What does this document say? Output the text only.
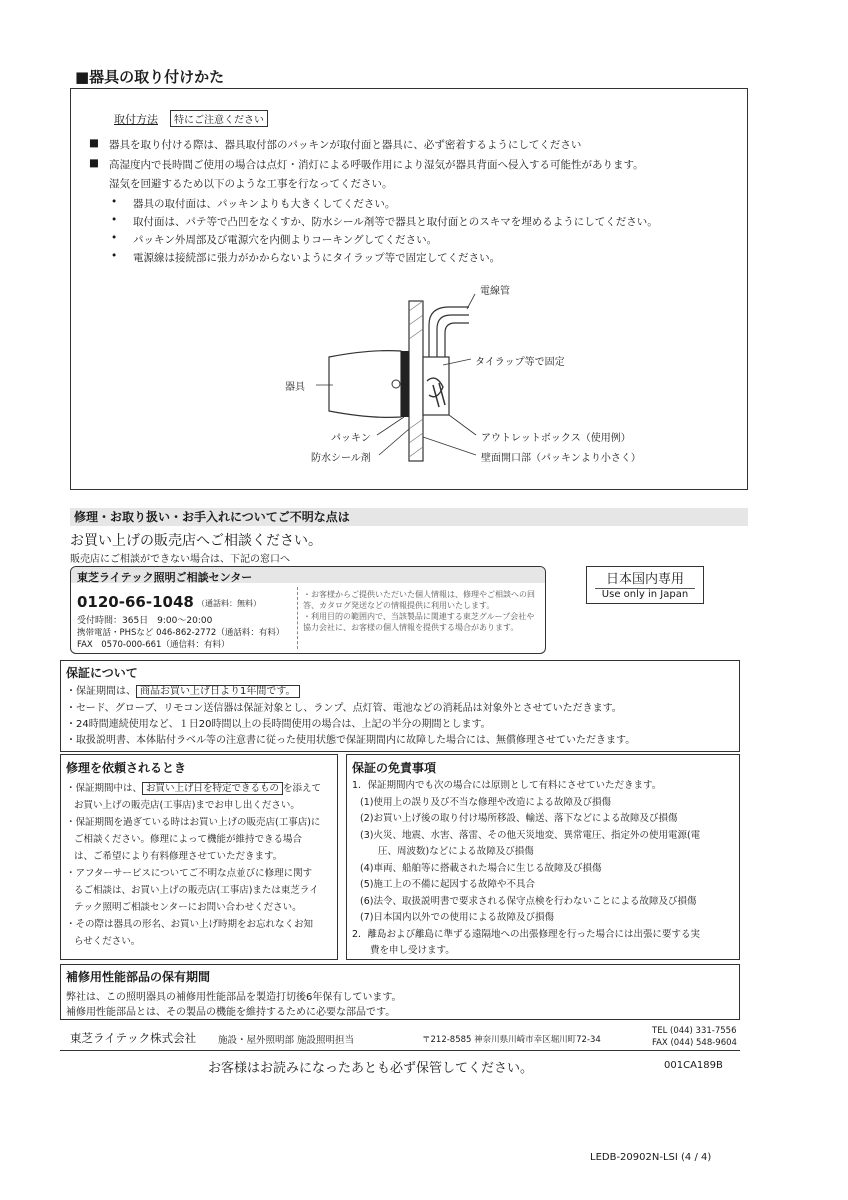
■器具の取り付けかた
取付方法	特にご注意ください
■ 器具を取り付ける際は、器具取付部のパッキンが取付面と器具に、必ず密着するようにしてください
■ 高湿度内で長時間ご使用の場合は点灯・消灯による呼吸作用により湿気が器具背面へ侵入する可能性があります。
湿気を回避するため以下のような工事を行なってください。
• 器具の取付面は、パッキンよりも大きくしてください。
• 取付面は、パテ等で凸凹をなくすか、防水シール剤等で器具と取付面とのスキマを埋めるようにしてください。
• パッキン外周部及び電源穴を内側よりコーキングしてください。
• 電源線は接続部に張力がかからないようにタイラップ等で固定してください。
電線管
タイラップ等で固定
器具
パッキン
防水シール剤
アウトレットボックス（使用例）
壁面開口部（パッキンより小さく）
修理・お取り扱い・お手入れについてご不明な点は
お買い上げの販売店へご相談ください。
販売店にご相談ができない場合は、下記の窓口へ
東芝ライテック照明ご相談センター
0120-66-1048 （通話料：無料）
受付時間：365日　9:00〜20:00
携帯電話・PHSなど 046-862-2772（通話料：有料）
FAX　0570-000-661（通信料：有料）
・お客様からご提供いただいた個人情報は、修理やご相談への回答、カタログ発送などの情報提供に利用いたします。
・利用目的の範囲内で、当該製品に関連する東芝グループ会社や協力会社に、お客様の個人情報を提供する場合があります。
日本国内専用
Use only in Japan
保証について
・保証期間は、 商品お買い上げ日より1年間です。
・セード、グローブ、リモコン送信器は保証対象とし、ランプ、点灯管、電池などの消耗品は対象外とさせていただきます。
・24時間連続使用など、１日20時間以上の長時間使用の場合は、上記の半分の期間とします。
・取扱説明書、本体貼付ラベル等の注意書に従った使用状態で保証期間内に故障した場合には、無償修理させていただきます。
修理を依頼されるとき
・保証期間中は、 お買い上げ日を特定できるもの を添えて
お買い上げの販売店(工事店)までお申し出ください。
・保証期間を過ぎている時はお買い上げの販売店(工事店)に
ご相談ください。修理によって機能が維持できる場合
は、ご希望により有料修理させていただきます。
・アフターサービスについてご不明な点並びに修理に関す
るご相談は、お買い上げの販売店(工事店)または東芝ライ
テック照明ご相談センターにお問い合わせください。
・その際は器具の形名、お買い上げ時期をお忘れなくお知
らせください。
保証の免責事項
1．保証期間内でも次の場合には原則として有料にさせていただきます。
(1)使用上の誤り及び不当な修理や改造による故障及び損傷
(2)お買い上げ後の取り付け場所移設、輸送、落下などによる故障及び損傷
(3)火災、地震、水害、落雷、その他天災地変、異常電圧、指定外の使用電源(電
圧、周波数)などによる故障及び損傷
(4)車両、船舶等に搭載された場合に生じる故障及び損傷
(5)施工上の不備に起因する故障や不具合
(6)法令、取扱説明書で要求される保守点検を行わないことによる故障及び損傷
(7)日本国内以外での使用による故障及び損傷
2．離島および離島に準ずる遠隔地への出張修理を行った場合には出張に要する実
費を申し受けます。
補修用性能部品の保有期間
弊社は、この照明器具の補修用性能部品を製造打切後6年保有しています。
補修用性能部品とは、その製品の機能を維持するために必要な部品です。
東芝ライテック株式会社 施設・屋外照明部 施設照明担当	〒212-8585 神奈川県川崎市幸区堀川町72-34
TEL (044) 331-7556
FAX (044) 548-9604
お客様はお読みになったあとも必ず保管してください。	001CA189B
LEDB-20902N-LSI (4 / 4)
